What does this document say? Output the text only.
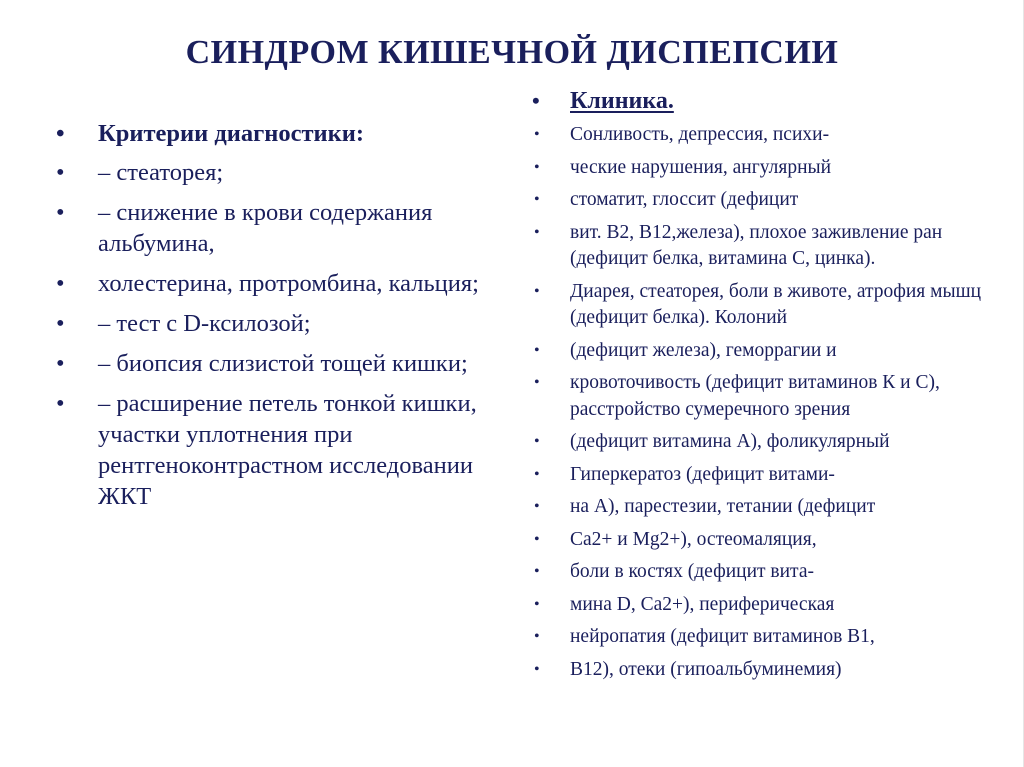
СИНДРОМ КИШЕЧНОЙ ДИСПЕПСИИ
• Критерии диагностики:
• – стеаторея;
• – снижение в крови содержания альбумина,
• холестерина, протромбина, кальция;
• – тест с D-ксилозой;
• – биопсия слизистой тощей кишки;
• – расширение петель тонкой кишки, участки уплотнения при рентгеноконтрастном исследовании ЖКТ
• Клиника.
• Сонливость, депрессия, психи-
• ческие нарушения, ангулярный
• стоматит, глоссит (дефицит
• вит. В2, В12,железа), плохое заживление ран (дефицит белка, витамина С, цинка).
• Диарея, стеаторея, боли в животе, атрофия мышц (дефицит белка). Колоний
• (дефицит железа), геморрагии и
• кровоточивость (дефицит витаминов К и С), расстройство сумеречного зрения
• (дефицит витамина А), фоликулярный
• Гиперкератоз (дефицит витами-
• на А), парестезии, тетании (дефицит
• Са2+ и Mg2+), остеомаляция,
• боли в костях (дефицит вита-
• мина D, Са2+), периферическая
• нейропатия (дефицит витаминов В1,
• В12), отеки (гипоальбуминемия)
